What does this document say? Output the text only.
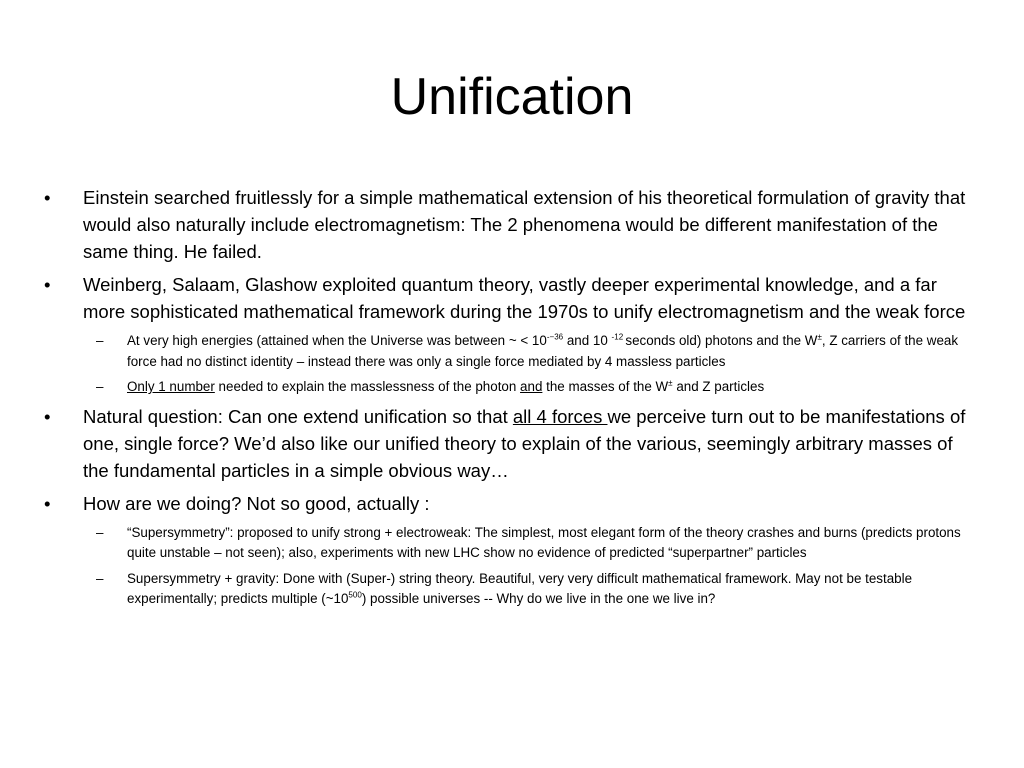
Unification
•	Einstein searched fruitlessly for a simple mathematical extension of his theoretical formulation of gravity that would also naturally include electromagnetism: The 2 phenomena would be different manifestation of the same thing. He failed.
•	Weinberg, Salaam, Glashow exploited quantum theory, vastly deeper experimental knowledge, and a far more sophisticated mathematical framework during the 1970s to unify electromagnetism and the weak force
–	At very high energies (attained when the Universe was between ~ < $10^{--36}$ and 10 $^{-12}$ seconds old) photons and the W±, Z carriers of the weak force had no distinct identity – instead there was only a single force mediated by 4 massless particles
–	Only 1 number needed to explain the masslessness of the photon and the masses of the W± and Z particles
•	Natural question: Can one extend unification so that all 4 forces we perceive turn out to be manifestations of one, single force? We’d also like our unified theory to explain of the various, seemingly arbitrary masses of the fundamental particles in a simple obvious way…
•	How are we doing? Not so good, actually :
–	“Supersymmetry”: proposed to unify strong + electroweak: The simplest, most elegant form of the theory crashes and burns (predicts protons quite unstable – not seen); also, experiments with new LHC show no evidence of predicted “superpartner” particles
–	Supersymmetry + gravity: Done with (Super-) string theory. Beautiful, very very difficult mathematical framework. May not be testable experimentally; predicts multiple $(\sim 10^{500})$ possible universes -- Why do we live in the one we live in?
